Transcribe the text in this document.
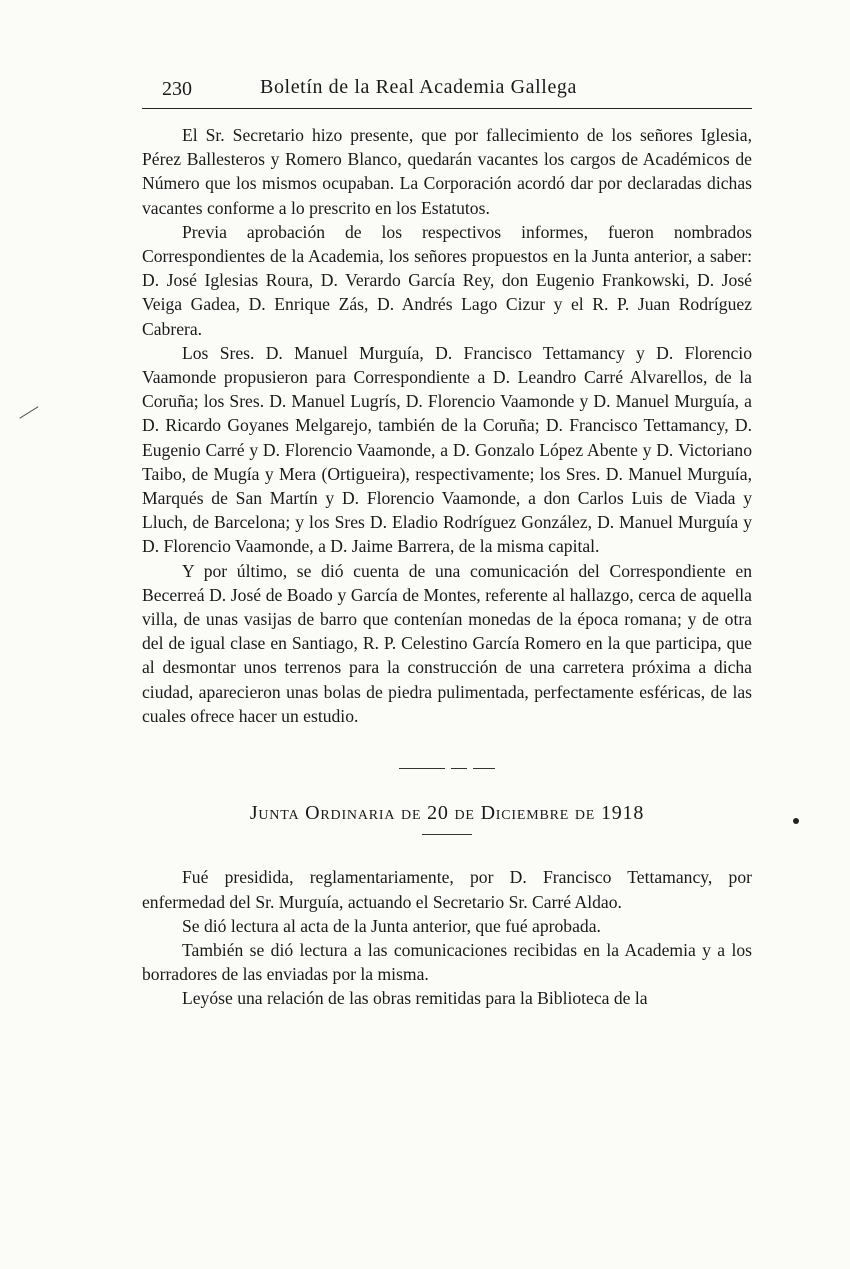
230	Boletín de la Real Academia Gallega

El Sr. Secretario hizo presente, que por fallecimiento de los señores Iglesia, Pérez Ballesteros y Romero Blanco, quedarán vacantes los cargos de Académicos de Número que los mismos ocupaban. La Corporación acordó dar por declaradas dichas vacantes conforme a lo prescrito en los Estatutos.

Previa aprobación de los respectivos informes, fueron nombrados Correspondientes de la Academia, los señores propuestos en la Junta anterior, a saber: D. José Iglesias Roura, D. Verardo García Rey, don Eugenio Frankowski, D. José Veiga Gadea, D. Enrique Zás, D. Andrés Lago Cizur y el R. P. Juan Rodríguez Cabrera.

Los Sres. D. Manuel Murguía, D. Francisco Tettamancy y D. Florencio Vaamonde propusieron para Correspondiente a D. Leandro Carré Alvarellos, de la Coruña; los Sres. D. Manuel Lugrís, D. Florencio Vaamonde y D. Manuel Murguía, a D. Ricardo Goyanes Melgarejo, también de la Coruña; D. Francisco Tettamancy, D. Eugenio Carré y D. Florencio Vaamonde, a D. Gonzalo López Abente y D. Victoriano Taibo, de Mugía y Mera (Ortigueira), respectivamente; los Sres. D. Manuel Murguía, Marqués de San Martín y D. Florencio Vaamonde, a don Carlos Luis de Viada y Lluch, de Barcelona; y los Sres D. Eladio Rodríguez González, D. Manuel Murguía y D. Florencio Vaamonde, a D. Jaime Barrera, de la misma capital.

Y por último, se dió cuenta de una comunicación del Correspondiente en Becerreá D. José de Boado y García de Montes, referente al hallazgo, cerca de aquella villa, de unas vasijas de barro que contenían monedas de la época romana; y de otra del de igual clase en Santiago, R. P. Celestino García Romero en la que participa, que al desmontar unos terrenos para la construcción de una carretera próxima a dicha ciudad, aparecieron unas bolas de piedra pulimentada, perfectamente esféricas, de las cuales ofrece hacer un estudio.

Junta Ordinaria de 20 de Diciembre de 1918

Fué presidida, reglamentariamente, por D. Francisco Tettamancy, por enfermedad del Sr. Murguía, actuando el Secretario Sr. Carré Aldao.

Se dió lectura al acta de la Junta anterior, que fué aprobada.

También se dió lectura a las comunicaciones recibidas en la Academia y a los borradores de las enviadas por la misma.

Leyóse una relación de las obras remitidas para la Biblioteca de la
